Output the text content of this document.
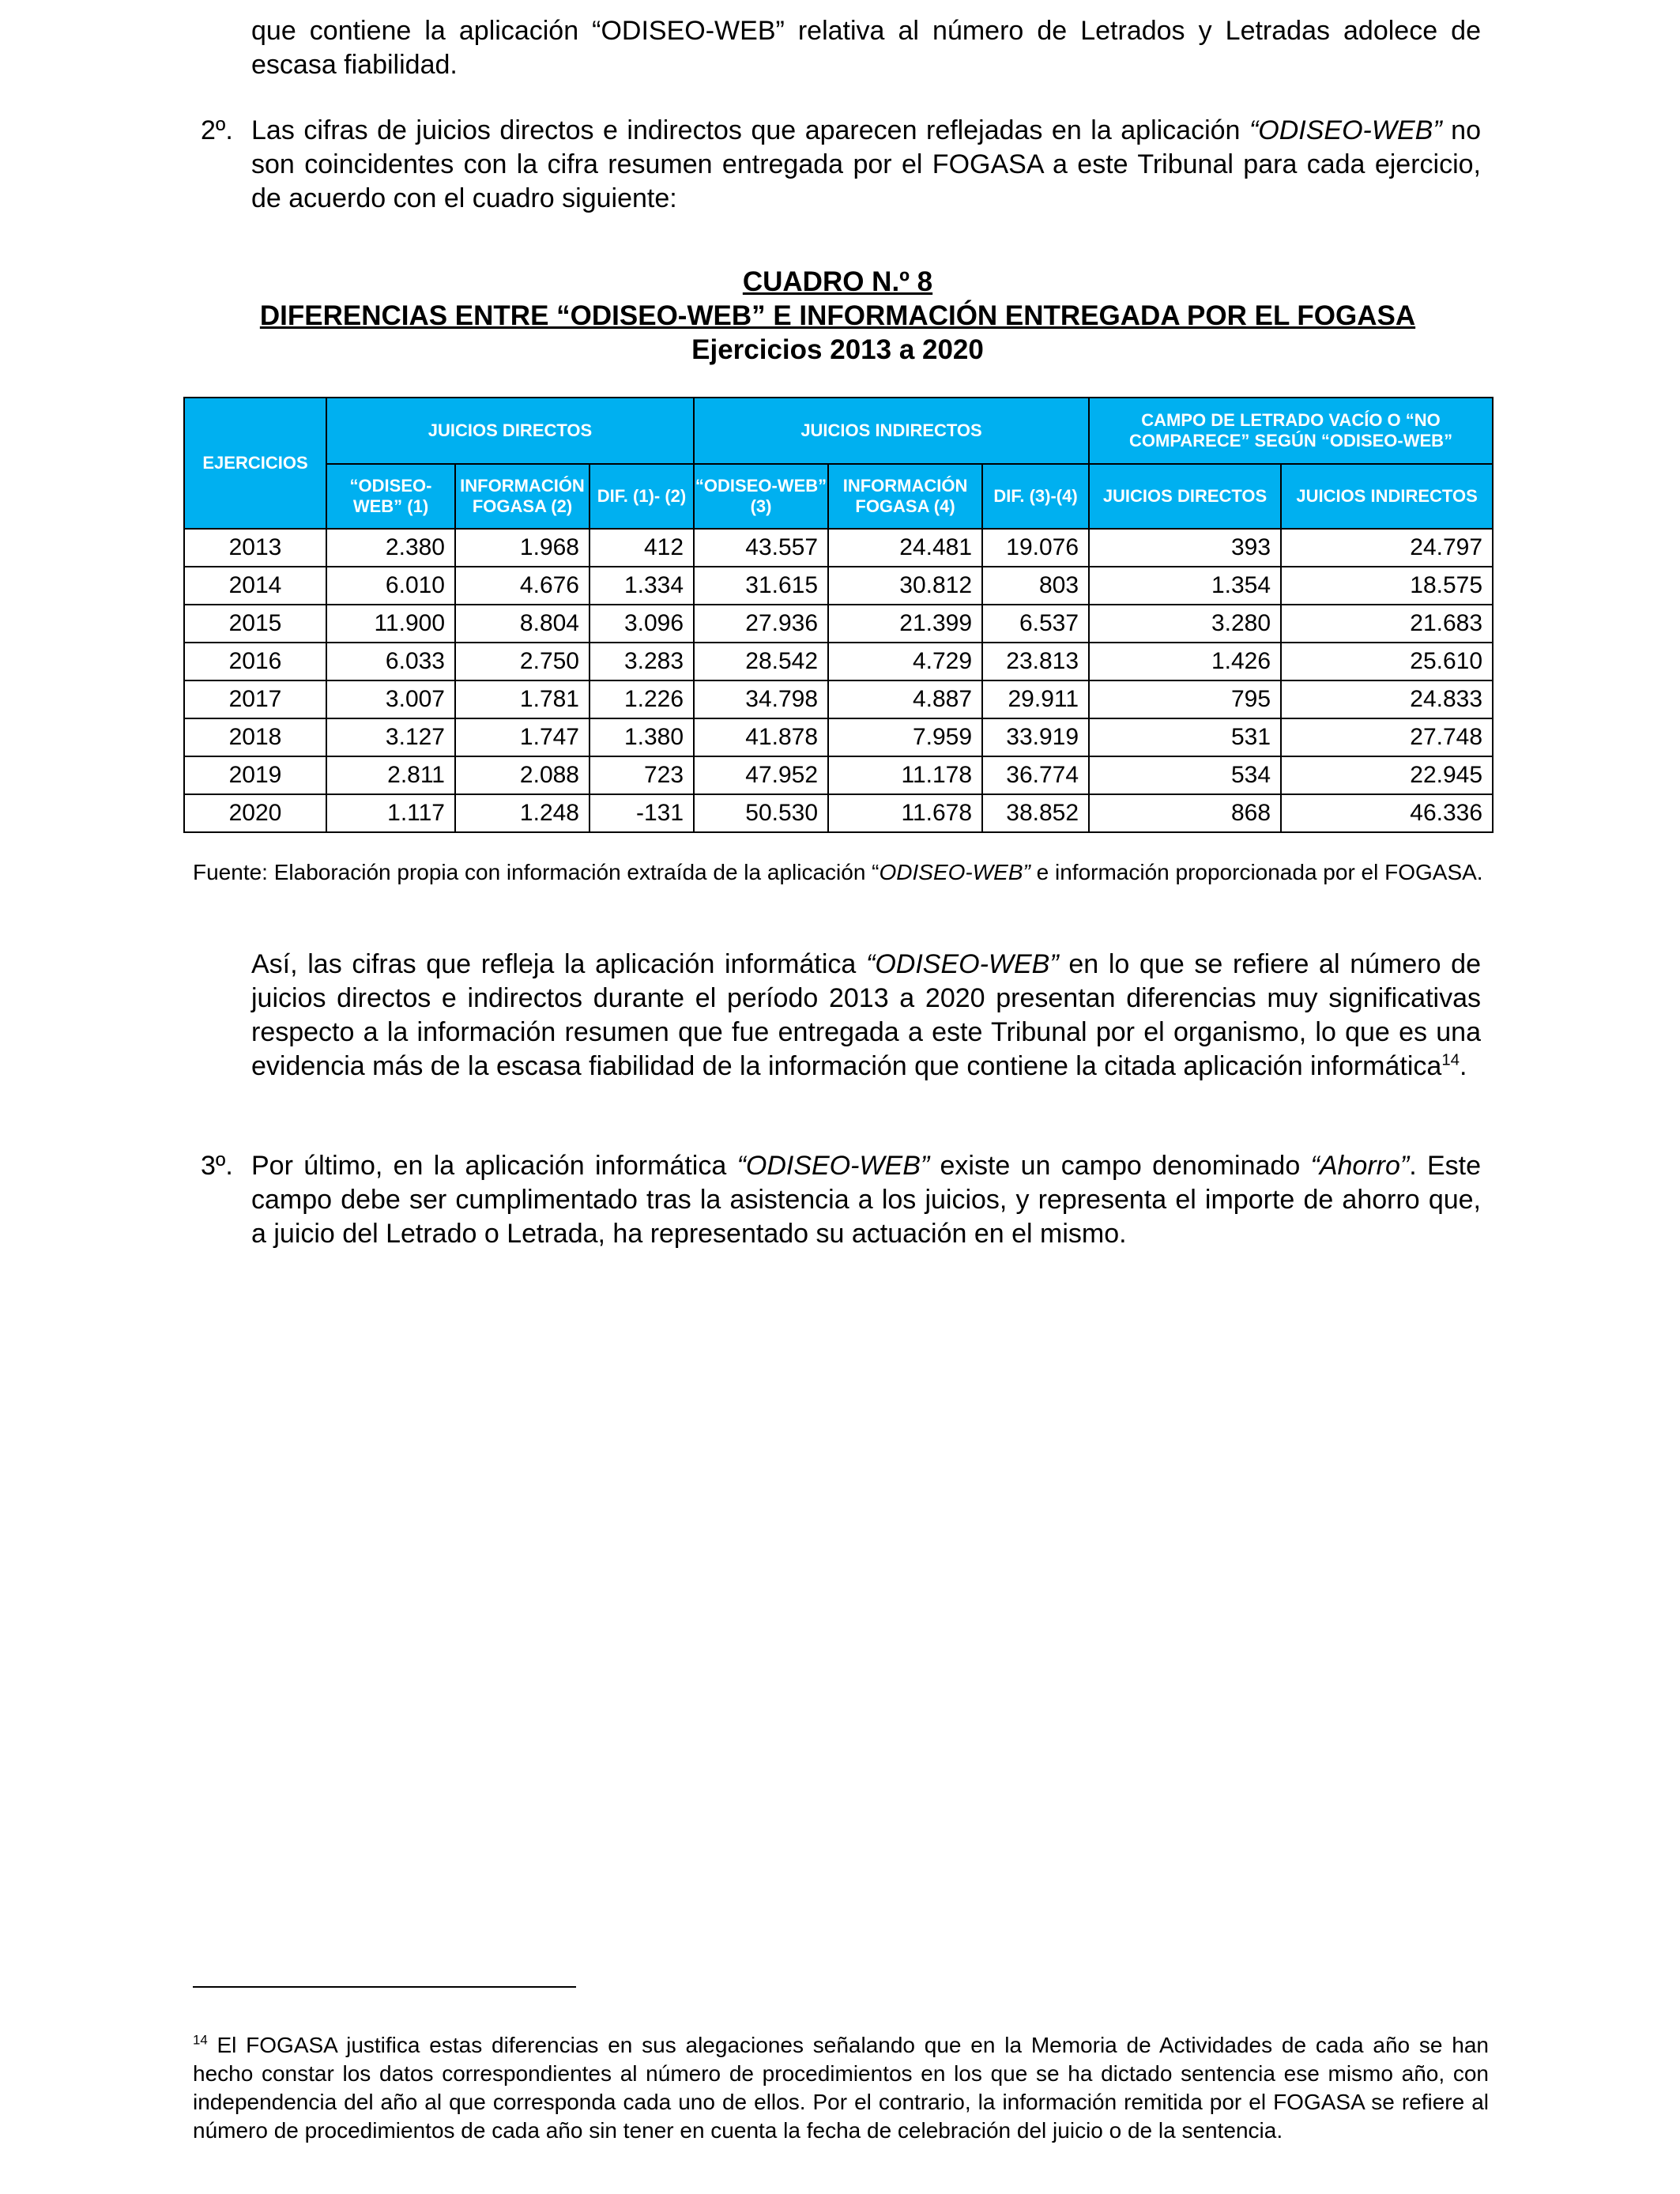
que contiene la aplicación “ODISEO-WEB” relativa al número de Letrados y Letradas adolece de escasa fiabilidad.

2º. Las cifras de juicios directos e indirectos que aparecen reflejadas en la aplicación “ODISEO-WEB” no son coincidentes con la cifra resumen entregada por el FOGASA a este Tribunal para cada ejercicio, de acuerdo con el cuadro siguiente:

CUADRO N.º 8
DIFERENCIAS ENTRE “ODISEO-WEB” E INFORMACIÓN ENTREGADA POR EL FOGASA
Ejercicios 2013 a 2020
EJERCICIOS	JUICIOS DIRECTOS			JUICIOS INDIRECTOS			CAMPO DE LETRADO VACÍO O “NO COMPARECE” SEGÚN “ODISEO-WEB”	
	“ODISEO-WEB” (1)	INFORMACIÓN FOGASA (2)	DIF. (1)- (2)	“ODISEO-WEB” (3)	INFORMACIÓN FOGASA (4)	DIF. (3)-(4)	JUICIOS DIRECTOS	JUICIOS INDIRECTOS
2013	2.380	1.968	412	43.557	24.481	19.076	393	24.797
2014	6.010	4.676	1.334	31.615	30.812	803	1.354	18.575
2015	11.900	8.804	3.096	27.936	21.399	6.537	3.280	21.683
2016	6.033	2.750	3.283	28.542	4.729	23.813	1.426	25.610
2017	3.007	1.781	1.226	34.798	4.887	29.911	795	24.833
2018	3.127	1.747	1.380	41.878	7.959	33.919	531	27.748
2019	2.811	2.088	723	47.952	11.178	36.774	534	22.945
2020	1.117	1.248	-131	50.530	11.678	38.852	868	46.336

Fuente: Elaboración propia con información extraída de la aplicación “ODISEO-WEB” e información proporcionada por el FOGASA.

Así, las cifras que refleja la aplicación informática “ODISEO-WEB” en lo que se refiere al número de juicios directos e indirectos durante el período 2013 a 2020 presentan diferencias muy significativas respecto a la información resumen que fue entregada a este Tribunal por el organismo, lo que es una evidencia más de la escasa fiabilidad de la información que contiene la citada aplicación informática$^{14}$.

3º. Por último, en la aplicación informática “ODISEO-WEB” existe un campo denominado “Ahorro”. Este campo debe ser cumplimentado tras la asistencia a los juicios, y representa el importe de ahorro que, a juicio del Letrado o Letrada, ha representado su actuación en el mismo.

$^{14}$ El FOGASA justifica estas diferencias en sus alegaciones señalando que en la Memoria de Actividades de cada año se han hecho constar los datos correspondientes al número de procedimientos en los que se ha dictado sentencia ese mismo año, con independencia del año al que corresponda cada uno de ellos. Por el contrario, la información remitida por el FOGASA se refiere al número de procedimientos de cada año sin tener en cuenta la fecha de celebración del juicio o de la sentencia.
